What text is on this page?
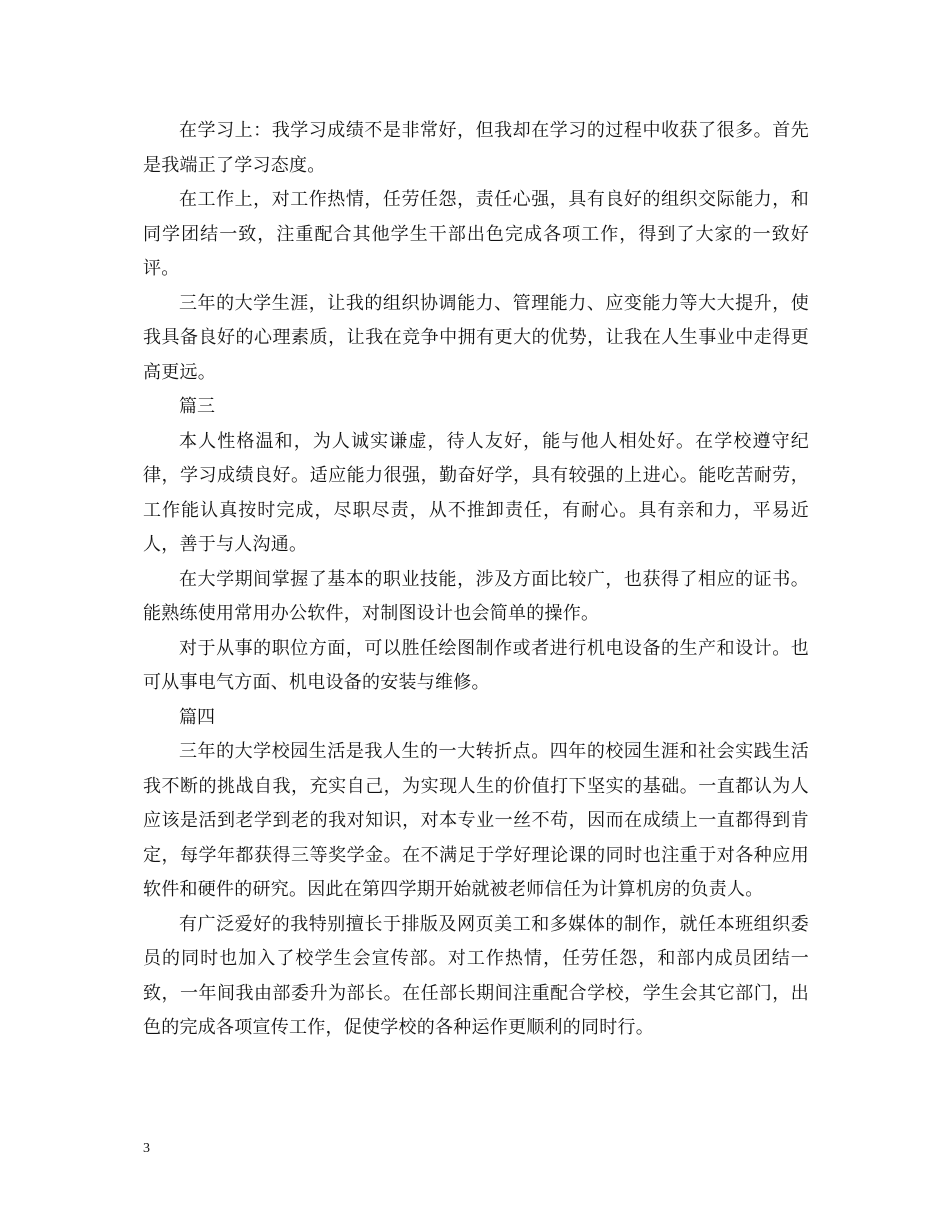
在学习上：我学习成绩不是非常好，但我却在学习的过程中收获了很多。首先是我端正了学习态度。

在工作上，对工作热情，任劳任怨，责任心强，具有良好的组织交际能力，和同学团结一致，注重配合其他学生干部出色完成各项工作，得到了大家的一致好评。

三年的大学生涯，让我的组织协调能力、管理能力、应变能力等大大提升，使我具备良好的心理素质，让我在竞争中拥有更大的优势，让我在人生事业中走得更高更远。

篇三

本人性格温和，为人诚实谦虚，待人友好，能与他人相处好。在学校遵守纪律，学习成绩良好。适应能力很强，勤奋好学，具有较强的上进心。能吃苦耐劳，工作能认真按时完成，尽职尽责，从不推卸责任，有耐心。具有亲和力，平易近人，善于与人沟通。

在大学期间掌握了基本的职业技能，涉及方面比较广，也获得了相应的证书。能熟练使用常用办公软件，对制图设计也会简单的操作。

对于从事的职位方面，可以胜任绘图制作或者进行机电设备的生产和设计。也可从事电气方面、机电设备的安装与维修。

篇四

三年的大学校园生活是我人生的一大转折点。四年的校园生涯和社会实践生活我不断的挑战自我，充实自己，为实现人生的价值打下坚实的基础。一直都认为人应该是活到老学到老的我对知识，对本专业一丝不苟，因而在成绩上一直都得到肯定，每学年都获得三等奖学金。在不满足于学好理论课的同时也注重于对各种应用软件和硬件的研究。因此在第四学期开始就被老师信任为计算机房的负责人。

有广泛爱好的我特别擅长于排版及网页美工和多媒体的制作，就任本班组织委员的同时也加入了校学生会宣传部。对工作热情，任劳任怨，和部内成员团结一致，一年间我由部委升为部长。在任部长期间注重配合学校，学生会其它部门，出色的完成各项宣传工作，促使学校的各种运作更顺利的同时行。

3
